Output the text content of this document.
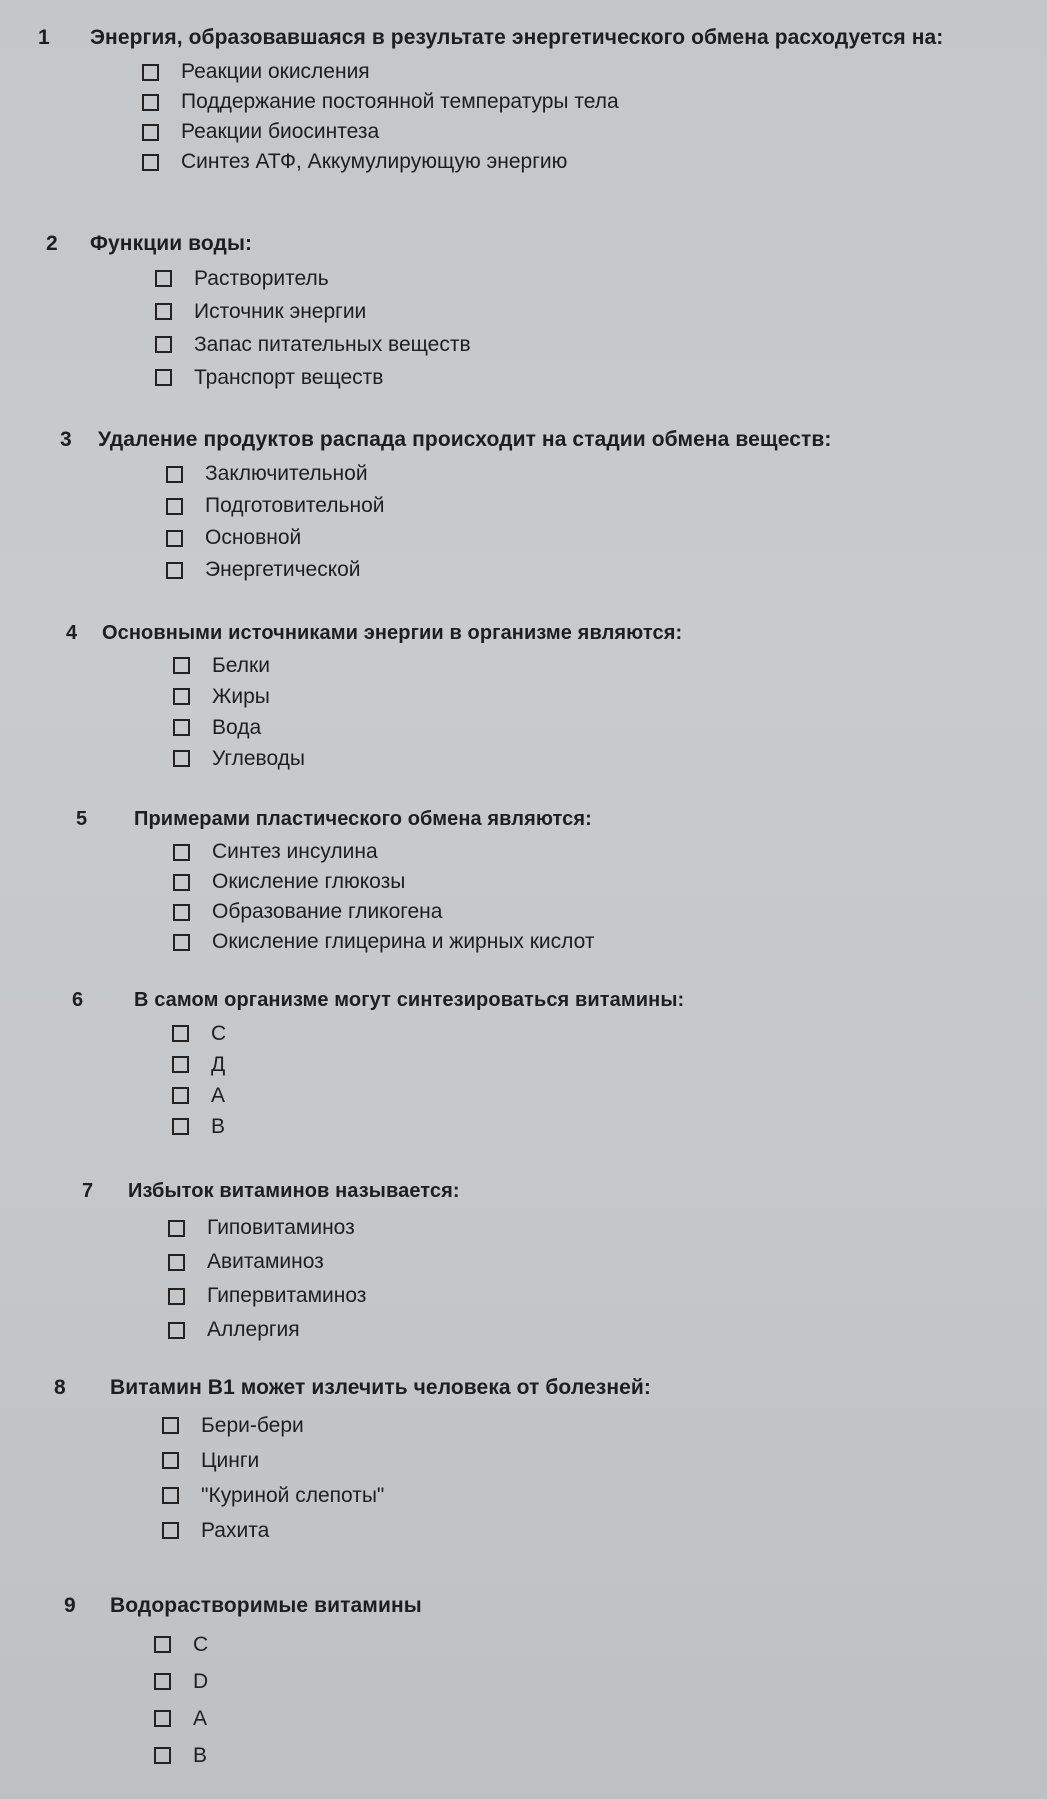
1	Энергия, образовавшаяся в результате энергетического обмена расходуется на:
Реакции окисления
Поддержание постоянной температуры тела
Реакции биосинтеза
Синтез АТФ, Аккумулирующую энергию
2	Функции воды:
Растворитель
Источник энергии
Запас питательных веществ
Транспорт веществ
3	Удаление продуктов распада происходит на стадии обмена веществ:
Заключительной
Подготовительной
Основной
Энергетической
4	Основными источниками энергии в организме являются:
Белки
Жиры
Вода
Углеводы
5	Примерами пластического обмена являются:
Синтез инсулина
Окисление глюкозы
Образование гликогена
Окисление глицерина и жирных кислот
6	В самом организме могут синтезироваться витамины:
С
Д
А
В
7	Избыток витаминов называется:
Гиповитаминоз
Авитаминоз
Гипервитаминоз
Аллергия
8	Витамин В1 может излечить человека от болезней:
Бери-бери
Цинги
"Куриной слепоты"
Рахита
9	Водорастворимые витамины
С
D
А
В
